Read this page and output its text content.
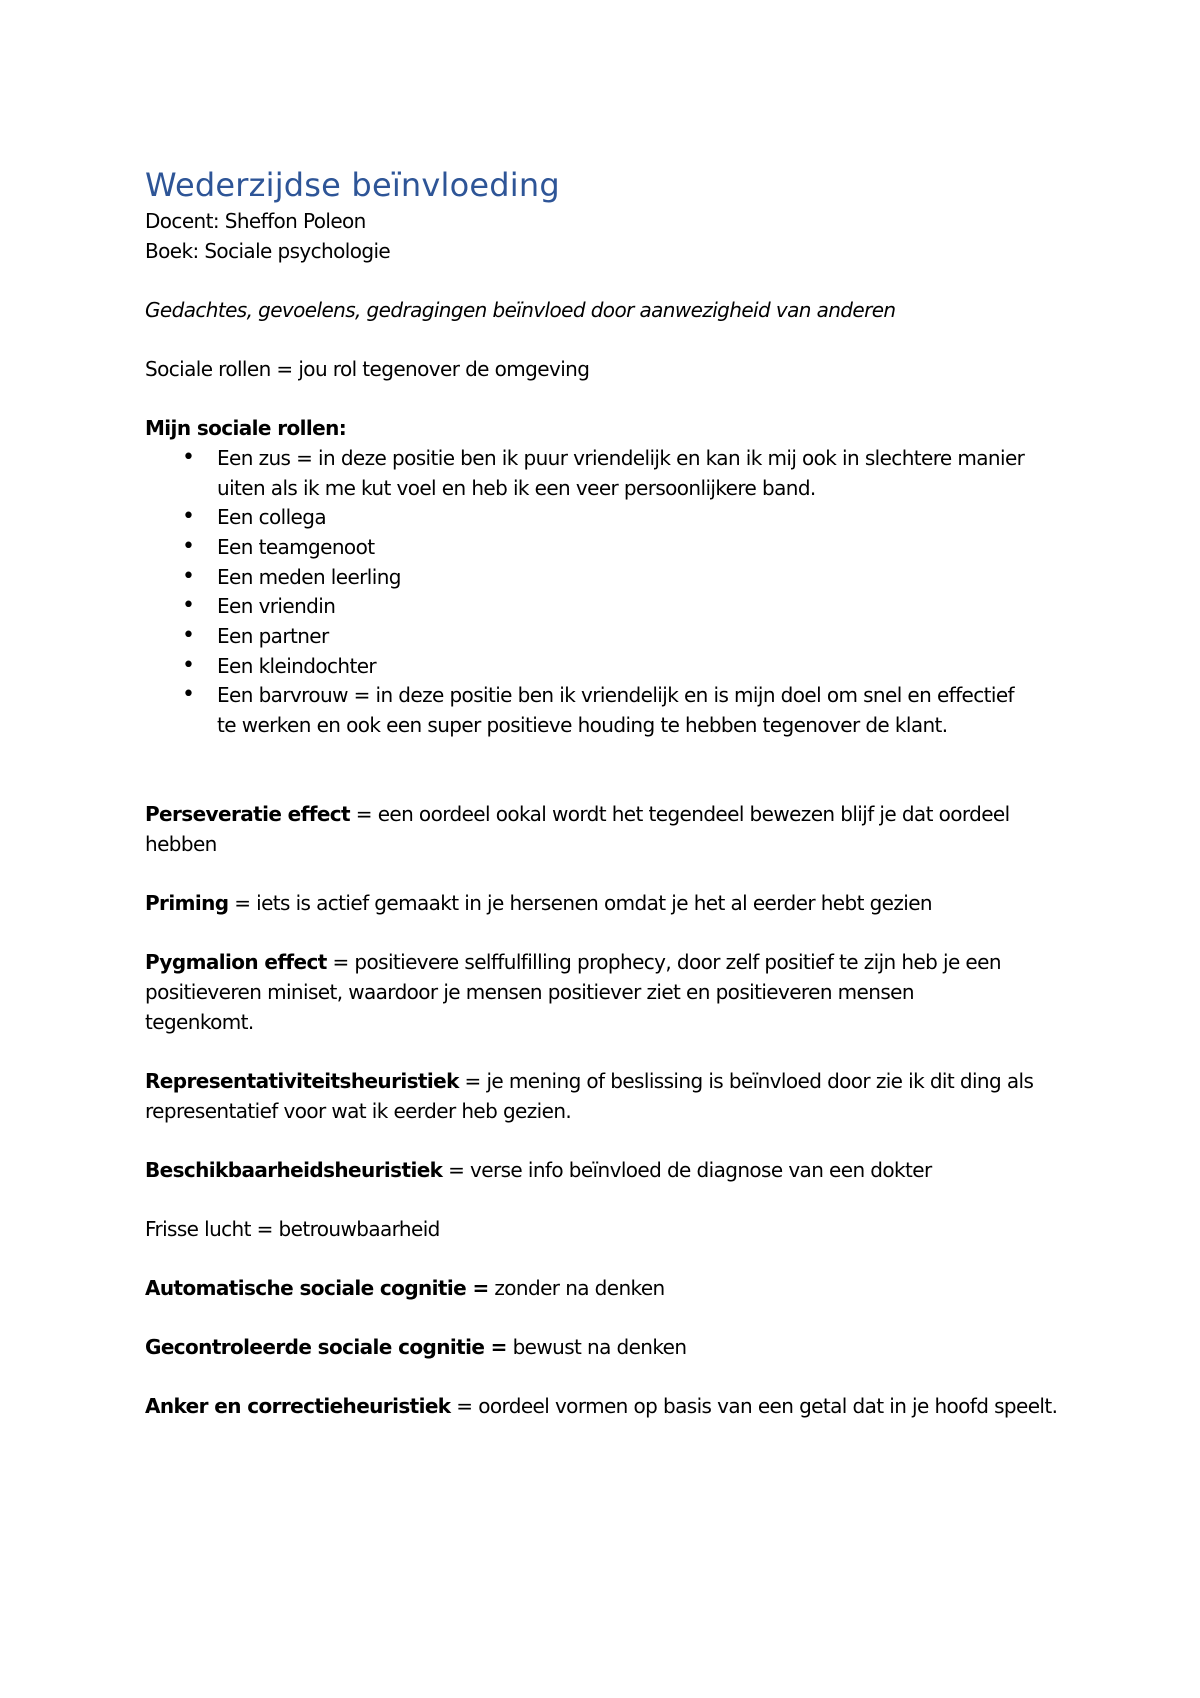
Wederzijdse beïnvloeding
Docent: Sheffon Poleon
Boek: Sociale psychologie
Gedachtes, gevoelens, gedragingen beïnvloed door aanwezigheid van anderen
Sociale rollen = jou rol tegenover de omgeving
Mijn sociale rollen:
• Een zus = in deze positie ben ik puur vriendelijk en kan ik mij ook in slechtere manier
uiten als ik me kut voel en heb ik een veer persoonlijkere band.
• Een collega
• Een teamgenoot
• Een meden leerling
• Een vriendin
• Een partner
• Een kleindochter
• Een barvrouw = in deze positie ben ik vriendelijk en is mijn doel om snel en effectief
te werken en ook een super positieve houding te hebben tegenover de klant.
Perseveratie effect = een oordeel ookal wordt het tegendeel bewezen blijf je dat oordeel
hebben
Priming = iets is actief gemaakt in je hersenen omdat je het al eerder hebt gezien
Pygmalion effect = positievere selffulfilling prophecy, door zelf positief te zijn heb je een
positieveren miniset, waardoor je mensen positiever ziet en positieveren mensen
tegenkomt.
Representativiteitsheuristiek = je mening of beslissing is beïnvloed door zie ik dit ding als
representatief voor wat ik eerder heb gezien.
Beschikbaarheidsheuristiek = verse info beïnvloed de diagnose van een dokter
Frisse lucht = betrouwbaarheid
Automatische sociale cognitie = zonder na denken
Gecontroleerde sociale cognitie = bewust na denken
Anker en correctieheuristiek = oordeel vormen op basis van een getal dat in je hoofd speelt.
